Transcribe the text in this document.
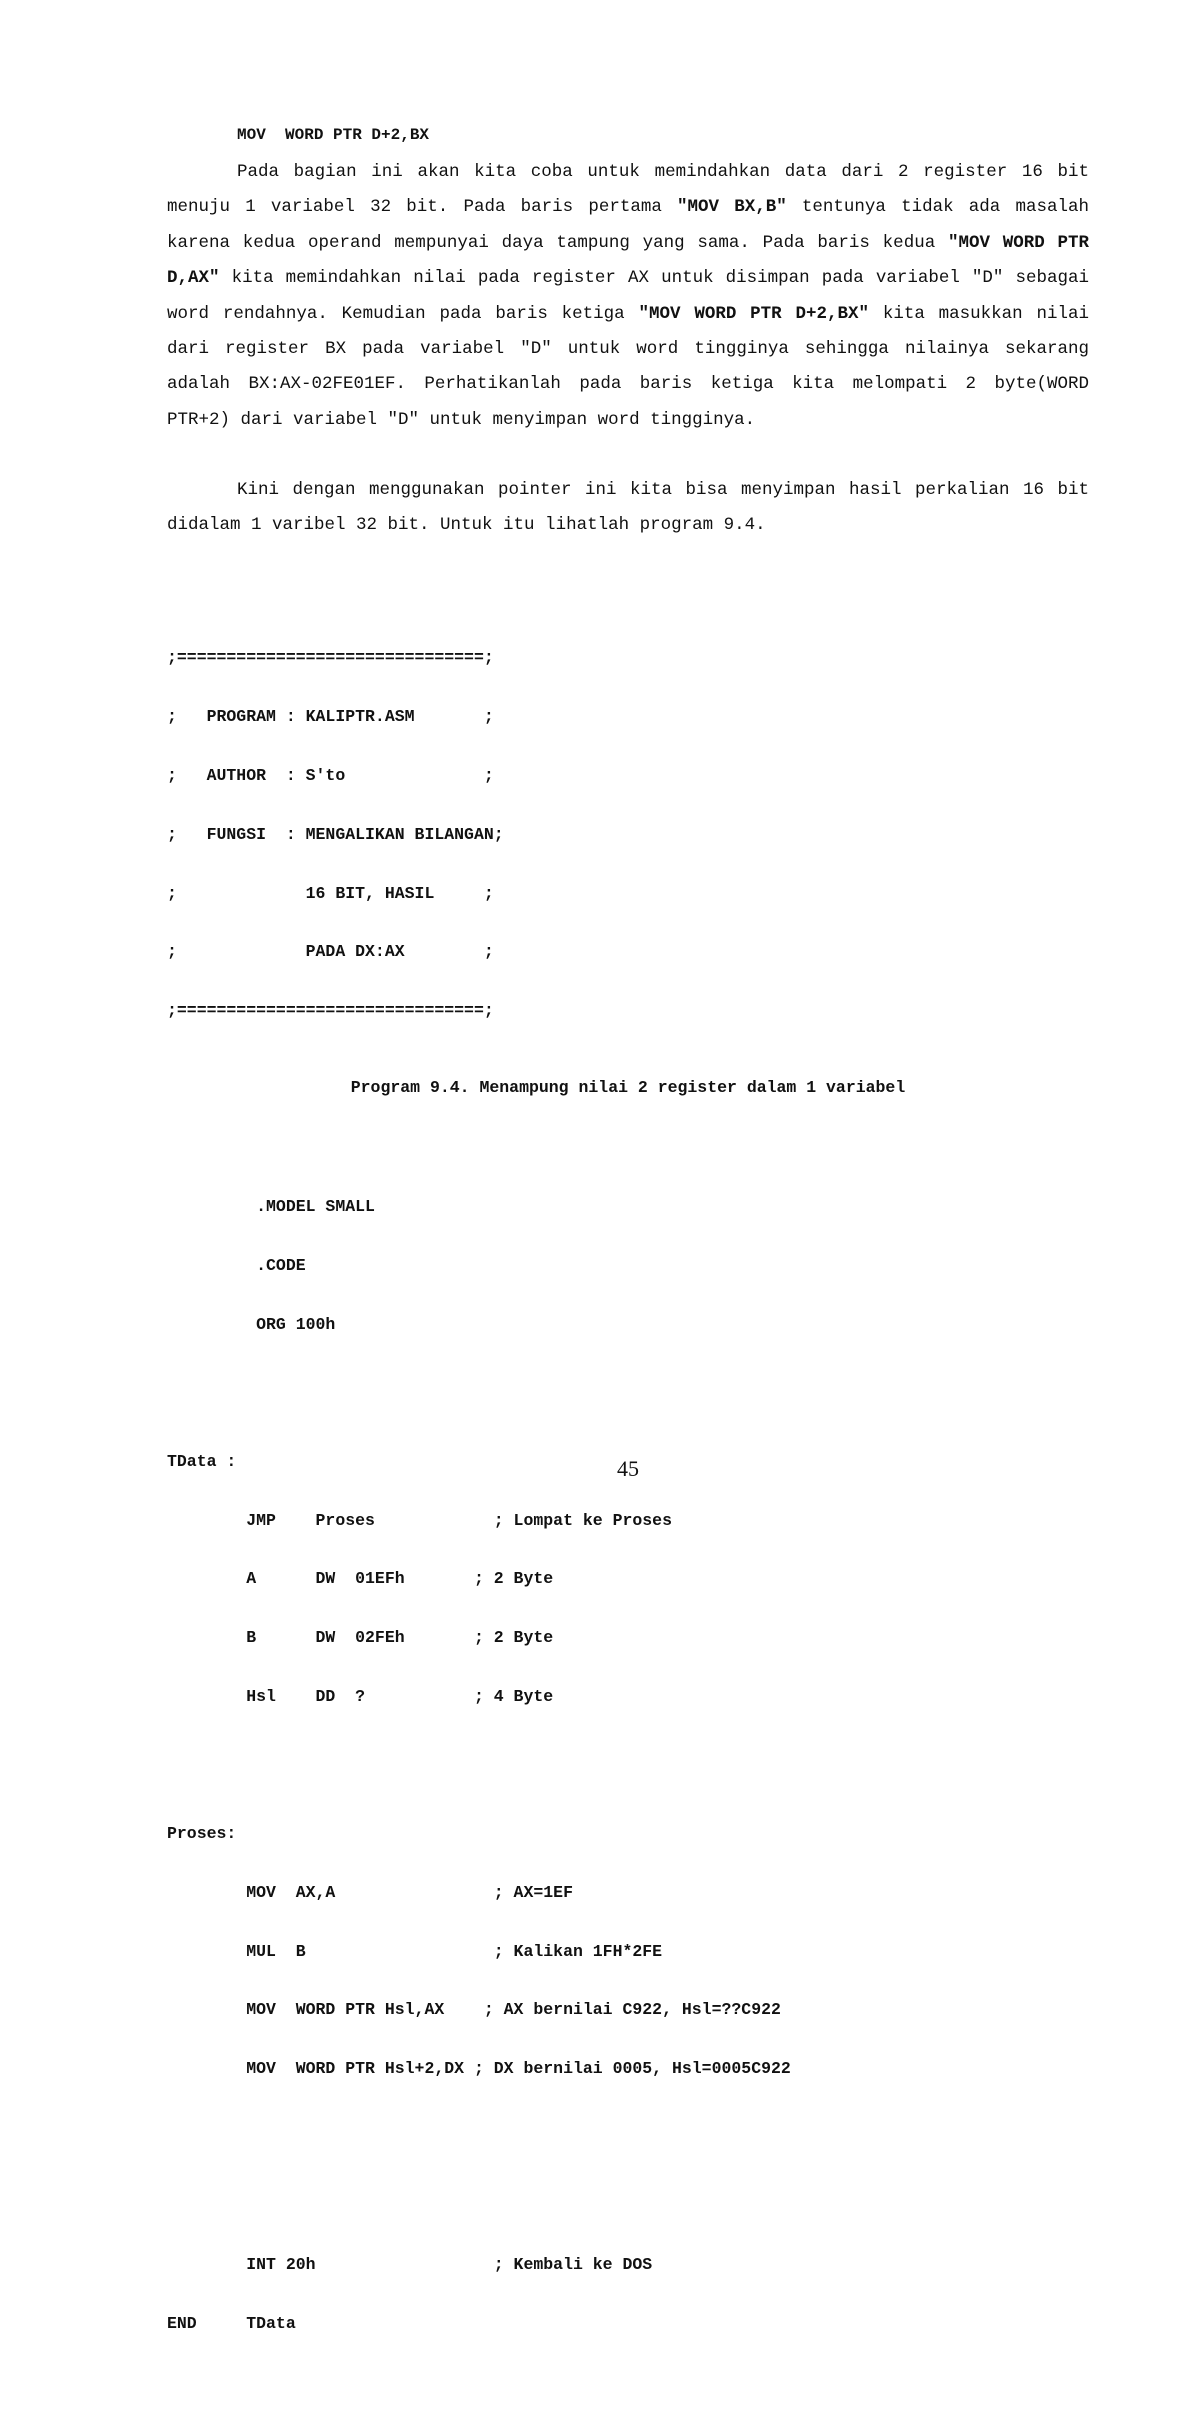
MOV  WORD PTR D+2,BX

Pada bagian ini akan kita coba untuk memindahkan data dari 2 register 16 bit menuju 1 variabel 32 bit. Pada baris pertama "MOV BX,B" tentunya tidak ada masalah karena kedua operand mempunyai daya tampung yang sama. Pada baris kedua "MOV WORD PTR D,AX" kita memindahkan nilai pada register AX untuk disimpan pada variabel "D" sebagai word rendahnya. Kemudian pada baris ketiga "MOV WORD PTR D+2,BX" kita masukkan nilai dari register BX pada variabel "D" untuk word tingginya sehingga nilainya sekarang adalah BX:AX-02FE01EF. Perhatikanlah pada baris ketiga kita melompati 2 byte(WORD PTR+2) dari variabel "D" untuk menyimpan word tingginya.

Kini dengan menggunakan pointer ini kita bisa menyimpan hasil perkalian 16 bit didalam 1 varibel 32 bit. Untuk itu lihatlah program 9.4.

;===============================;

;   PROGRAM : KALIPTR.ASM       ;

;   AUTHOR  : S'to              ;

;   FUNGSI  : MENGALIKAN BILANGAN;

;             16 BIT, HASIL     ;

;             PADA DX:AX        ;

;===============================;

.MODEL SMALL

.CODE

ORG 100h

TData :

JMP    Proses            ; Lompat ke Proses

A      DW  01EFh       ; 2 Byte

B      DW  02FEh       ; 2 Byte

Hsl    DD  ?           ; 4 Byte

Proses:

MOV  AX,A                ; AX=1EF

MUL  B                   ; Kalikan 1FH*2FE

MOV  WORD PTR Hsl,AX    ; AX bernilai C922, Hsl=??C922

MOV  WORD PTR Hsl+2,DX ; DX bernilai 0005, Hsl=0005C922

INT 20h                  ; Kembali ke DOS

END     TData

Program 9.4. Menampung nilai 2 register dalam 1 variabel

45
